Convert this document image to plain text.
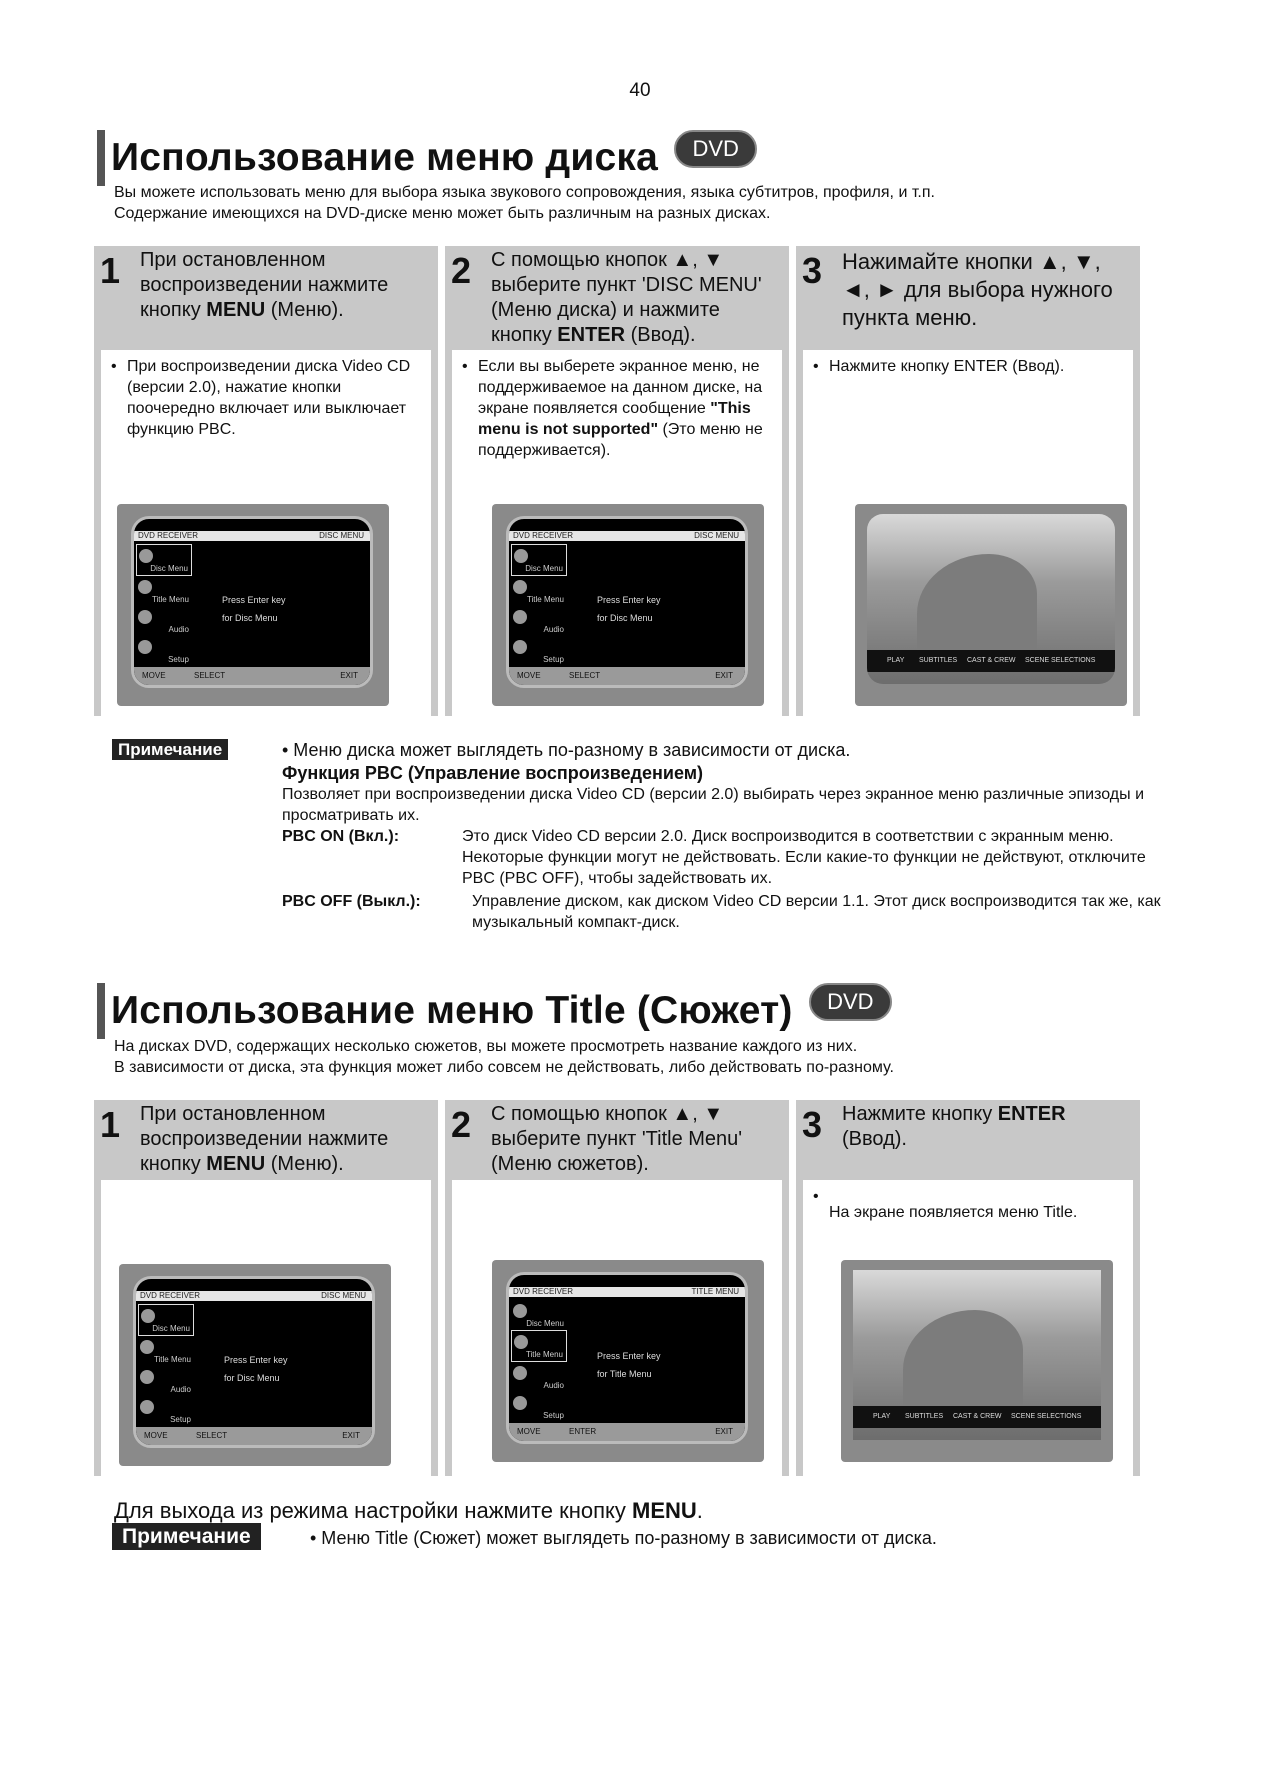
40
Использование меню диска DVD
Вы можете использовать меню для выбора языка звукового сопровождения, языка субтитров, профиля, и т.п.
Содержание имеющихся на DVD-диске меню может быть различным на разных дисках.
1 При остановленном воспроизведении нажмите кнопку MENU (Меню).
• При воспроизведении диска Video CD (версии 2.0), нажатие кнопки поочередно включает или выключает функцию PBC.
DVD RECEIVER	DISC MENU
Disc Menu
Title Menu
Audio
Setup
Press Enter key
for Disc Menu
MOVE	SELECT	EXIT
2 С помощью кнопок ▲, ▼ выберите пункт 'DISC MENU' (Меню диска) и нажмите кнопку ENTER (Ввод).
• Если вы выберете экранное меню, не поддерживаемое на данном диске, на экране появляется сообщение "This menu is not supported" (Это меню не поддерживается).
DVD RECEIVER	DISC MENU
Disc Menu
Title Menu
Audio
Setup
Press Enter key
for Disc Menu
MOVE	SELECT	EXIT
3 Нажимайте кнопки ▲, ▼, ◄, ► для выбора нужного пункта меню.
• Нажмите кнопку ENTER (Ввод).
PLAY SUBTITLES CAST & CREW SCENE SELECTIONS
Примечание	• Меню диска может выглядеть по-разному в зависимости от диска.
Функция PBC (Управление воспроизведением)
Позволяет при воспроизведении диска Video CD (версии 2.0) выбирать через экранное меню различные эпизоды и просматривать их.
PBC ON (Вкл.):	Это диск Video CD версии 2.0. Диск воспроизводится в соответствии с экранным меню. Некоторые функции могут не действовать. Если какие-то функции не действуют, отключите PBC (PBC OFF), чтобы задействовать их.
PBC OFF (Выкл.):	Управление диском, как диском Video CD версии 1.1. Этот диск воспроизводится так же, как музыкальный компакт-диск.
Использование меню Title (Сюжет) DVD
На дисках DVD, содержащих несколько сюжетов, вы можете просмотреть название каждого из них.
В зависимости от диска, эта функция может либо совсем не действовать, либо действовать по-разному.
1 При остановленном воспроизведении нажмите кнопку MENU (Меню).
DVD RECEIVER	DISC MENU
Disc Menu
Title Menu
Audio
Setup
Press Enter key
for Disc Menu
MOVE	SELECT	EXIT
2 С помощью кнопок ▲, ▼ выберите пункт 'Title Menu' (Меню сюжетов).
DVD RECEIVER	TITLE MENU
Disc Menu
Title Menu
Audio
Setup
Press Enter key
for Title Menu
MOVE	ENTER	EXIT
3 Нажмите кнопку ENTER (Ввод).
• На экране появляется меню Title.
PLAY SUBTITLES CAST & CREW SCENE SELECTIONS
Для выхода из режима настройки нажмите кнопку MENU.
Примечание	• Меню Title (Сюжет) может выглядеть по-разному в зависимости от диска.
